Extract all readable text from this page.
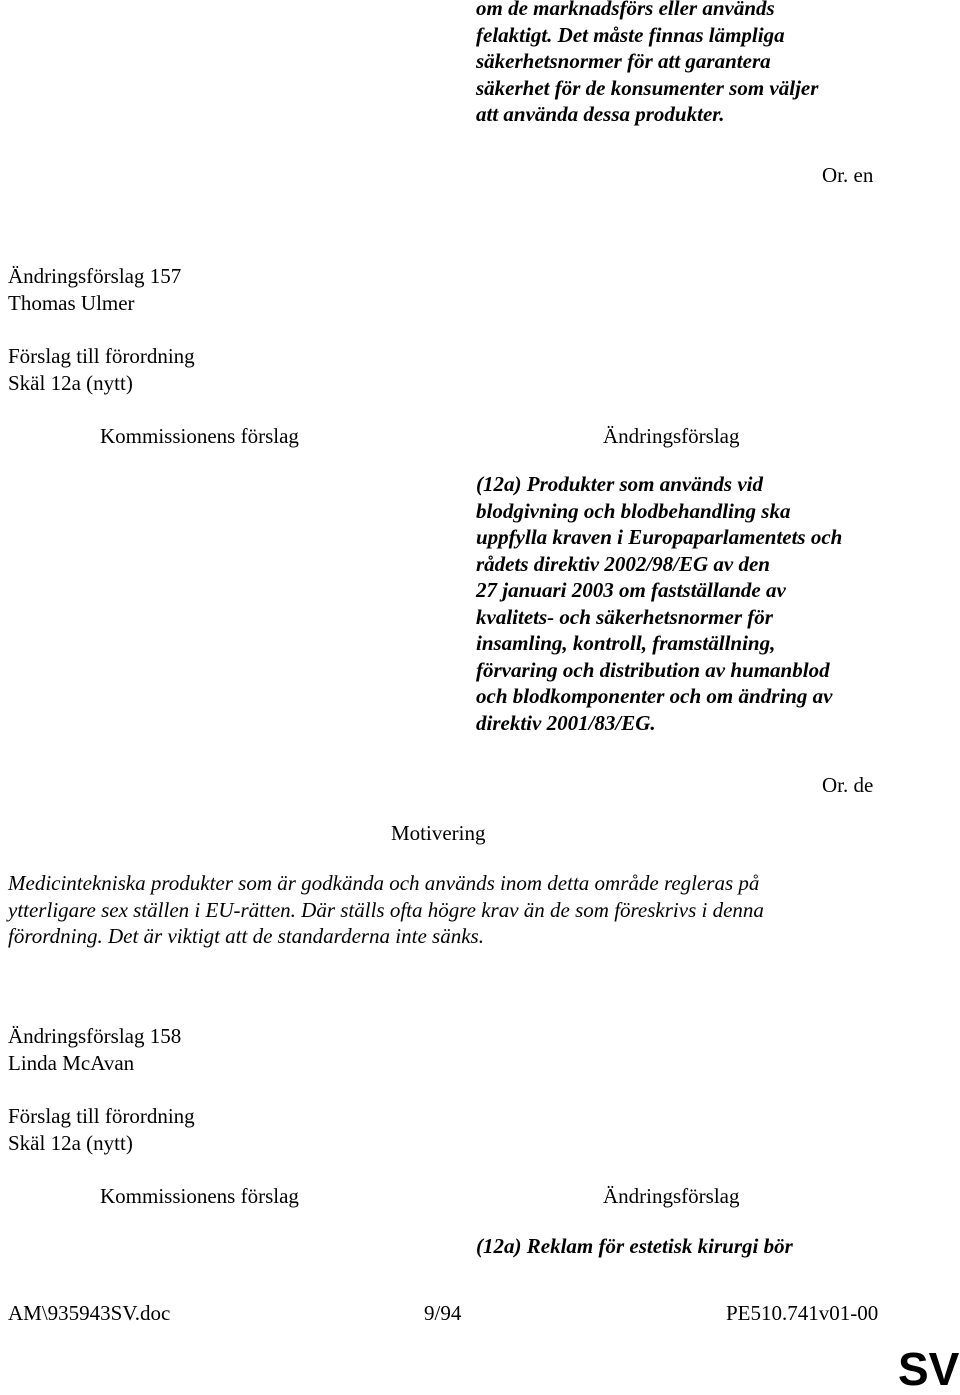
om de marknadsförs eller används
felaktigt. Det måste finnas lämpliga
säkerhetsnormer för att garantera
säkerhet för de konsumenter som väljer
att använda dessa produkter.
Or. en
Ändringsförslag 157
Thomas Ulmer
Förslag till förordning
Skäl 12a (nytt)
Kommissionens förslag	Ändringsförslag
(12a) Produkter som används vid
blodgivning och blodbehandling ska
uppfylla kraven i Europaparlamentets och
rådets direktiv 2002/98/EG av den
27 januari 2003 om fastställande av
kvalitets- och säkerhetsnormer för
insamling, kontroll, framställning,
förvaring och distribution av humanblod
och blodkomponenter och om ändring av
direktiv 2001/83/EG.
Or. de
Motivering
Medicintekniska produkter som är godkända och används inom detta område regleras på
ytterligare sex ställen i EU-rätten. Där ställs ofta högre krav än de som föreskrivs i denna
förordning. Det är viktigt att de standarderna inte sänks.
Ändringsförslag 158
Linda McAvan
Förslag till förordning
Skäl 12a (nytt)
Kommissionens förslag	Ändringsförslag
(12a) Reklam för estetisk kirurgi bör
AM\935943SV.doc	9/94	PE510.741v01-00
SV
